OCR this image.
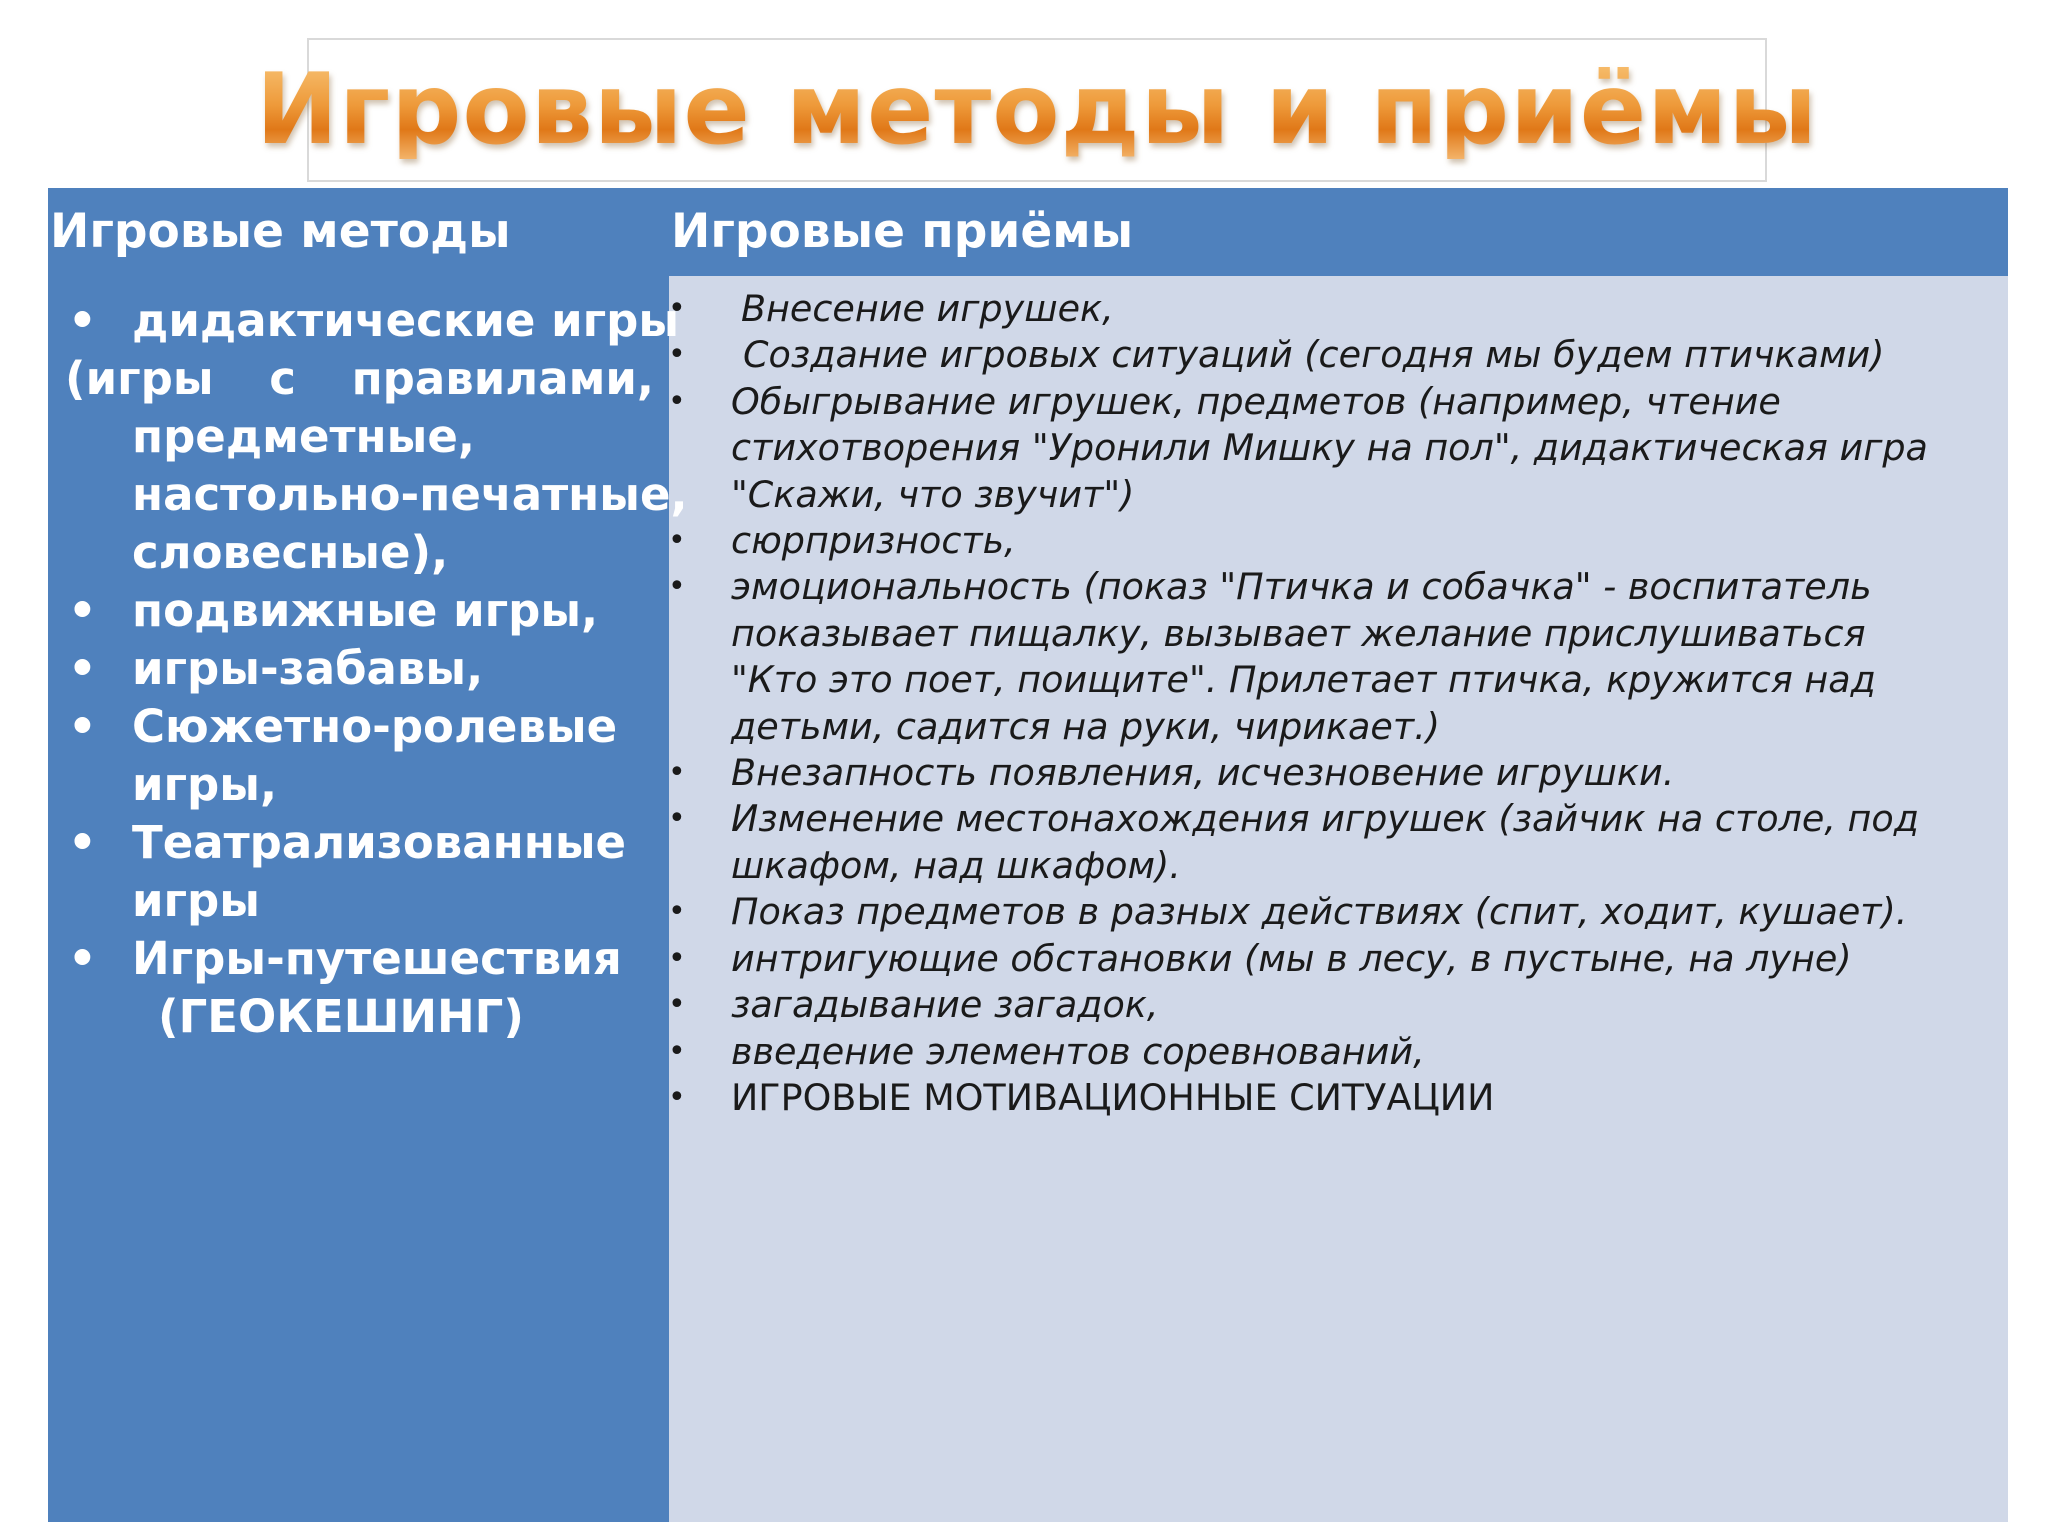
Игровые методы и приёмы
Игровые методы	Игровые приёмы
• дидактические игры
(игры с правилами,
предметные,
настольно-печатные,
словесные),
• подвижные игры,
• игры-забавы,
• Сюжетно-ролевые
игры,
• Театрализованные
игры
• Игры-путешествия
(ГЕОКЕШИНГ)
• Внесение игрушек,
• Создание игровых ситуаций (сегодня мы будем птичками)
• Обыгрывание игрушек, предметов (например, чтение
стихотворения "Уронили Мишку на пол", дидактическая игра
"Скажи, что звучит")
• сюрпризность,
• эмоциональность (показ "Птичка и собачка" - воспитатель
показывает пищалку, вызывает желание прислушиваться
"Кто это поет, поищите". Прилетает птичка, кружится над
детьми, садится на руки, чирикает.)
• Внезапность появления, исчезновение игрушки.
• Изменение местонахождения игрушек (зайчик на столе, под
шкафом, над шкафом).
• Показ предметов в разных действиях (спит, ходит, кушает).
• интригующие обстановки (мы в лесу, в пустыне, на луне)
• загадывание загадок,
• введение элементов соревнований,
• ИГРОВЫЕ МОТИВАЦИОННЫЕ СИТУАЦИИ
